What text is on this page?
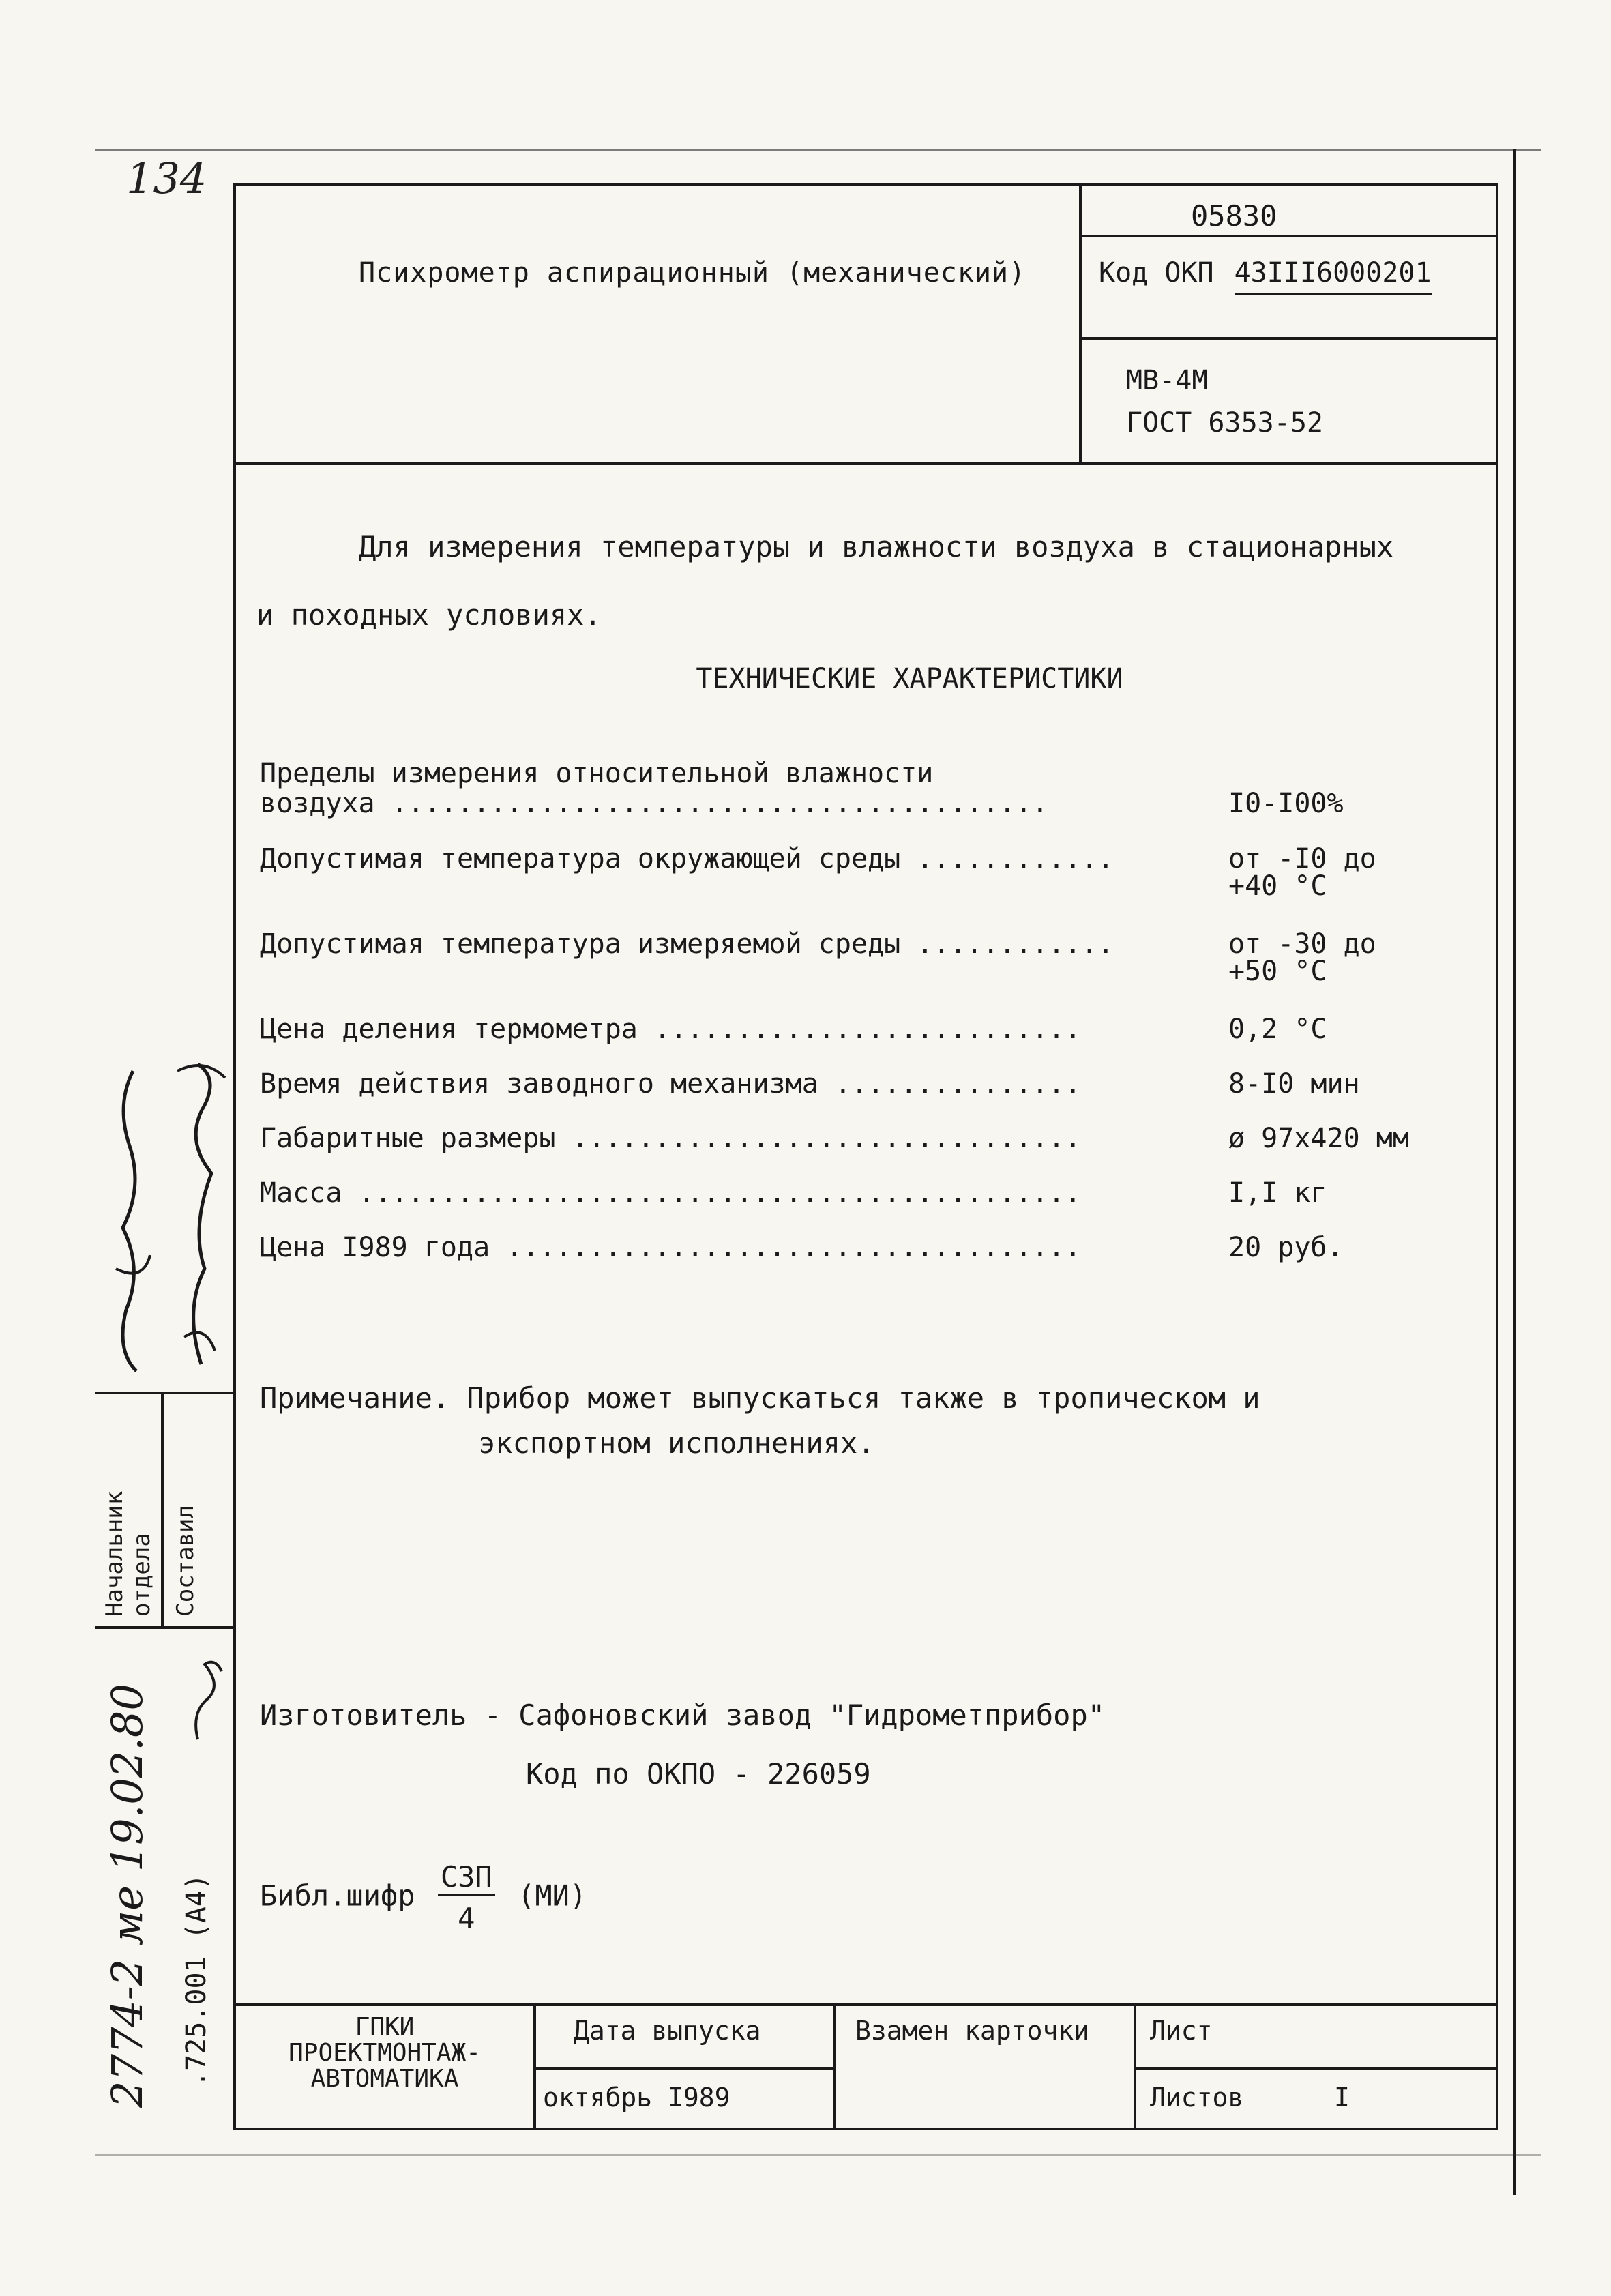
134
Психрометр аспирационный (механический)
05830
Код ОКП 43III6000201
МВ-4М
ГОСТ 6353-52
Для измерения температуры и влажности воздуха в стационарных
и походных условиях.
ТЕХНИЧЕСКИЕ ХАРАКТЕРИСТИКИ
Пределы измерения относительной влажности
воздуха ........................................	I0-I00%
Допустимая температура окружающей среды ............	от -I0 до
+40 °C
Допустимая температура измеряемой среды ............	от -30 до
+50 °C
Цена деления термометра ..........................	0,2 °C
Время действия заводного механизма ...............	8-I0 мин
Габаритные размеры ...............................	ø 97x420 мм
Масса ............................................	I,I кг
Цена I989 года ...................................	20 руб.
Примечание. Прибор может выпускаться также в тропическом и
экспортном исполнениях.
Изготовитель - Сафоновский завод "Гидрометприбор"
Код по ОКПО - 226059
Библ.шифр $\frac{\text{СЗП}}{4} (МИ)$
ГПКИ
ПРОЕКТМОНТАЖ-
АВТОМАТИКА
Дата выпуска
октябрь I989
Взамен карточки	Лист
Листов	I
Начальник отдела Составил
2774-2 ме 19.02.80 .725.001 (А4)
